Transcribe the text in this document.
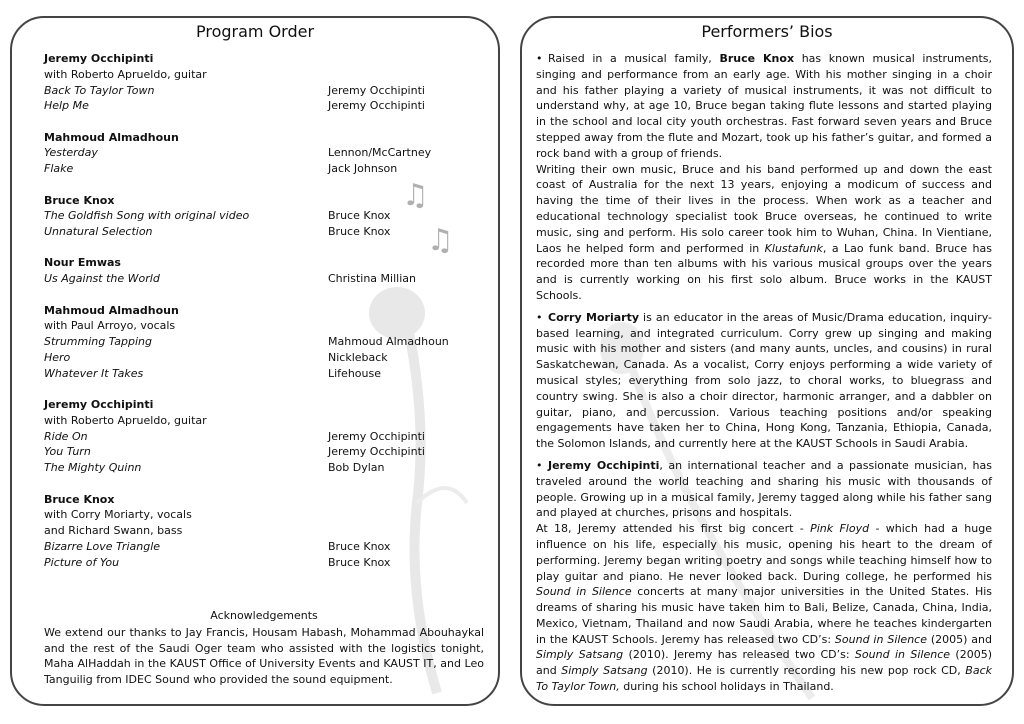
♫
♫
Program Order
Jeremy Occhipinti
with Roberto Aprueldo, guitar
Back To Taylor Town	Jeremy Occhipinti
Help Me	Jeremy Occhipinti
Mahmoud Almadhoun
Yesterday	Lennon/McCartney
Flake	Jack Johnson
Bruce Knox
The Goldfish Song with original video	Bruce Knox
Unnatural Selection	Bruce Knox
Nour Emwas
Us Against the World	Christina Millian
Mahmoud Almadhoun
with Paul Arroyo, vocals
Strumming Tapping	Mahmoud Almadhoun
Hero	Nickleback
Whatever It Takes	Lifehouse
Jeremy Occhipinti
with Roberto Aprueldo, guitar
Ride On	Jeremy Occhipinti
You Turn	Jeremy Occhipinti
The Mighty Quinn	Bob Dylan
Bruce Knox
with Corry Moriarty, vocals
and Richard Swann, bass
Bizarre Love Triangle	Bruce Knox
Picture of You	Bruce Knox
Acknowledgements
We extend our thanks to Jay Francis, Housam Habash, Mohammad Abouhaykal and the rest of the Saudi Oger team who assisted with the logistics tonight, Maha AlHaddah in the KAUST Office of University Events and KAUST IT, and Leo Tanguilig from IDEC Sound who provided the sound equipment.
Performers’ Bios

• Raised in a musical family, Bruce Knox has known musical instruments, singing and performance from an early age. With his mother singing in a choir and his father playing a variety of musical instruments, it was not difficult to understand why, at age 10, Bruce began taking flute lessons and started playing in the school and local city youth orchestras. Fast forward seven years and Bruce stepped away from the flute and Mozart, took up his father’s guitar, and formed a rock band with a group of friends.

Writing their own music, Bruce and his band performed up and down the east coast of Australia for the next 13 years, enjoying a modicum of success and having the time of their lives in the process. When work as a teacher and educational technology specialist took Bruce overseas, he continued to write music, sing and perform. His solo career took him to Wuhan, China. In Vientiane, Laos he helped form and performed in Klustafunk, a Lao funk band. Bruce has recorded more than ten albums with his various musical groups over the years and is currently working on his first solo album. Bruce works in the KAUST Schools.

• Corry Moriarty is an educator in the areas of Music/Drama education, inquiry-based learning, and integrated curriculum. Corry grew up singing and making music with his mother and sisters (and many aunts, uncles, and cousins) in rural Saskatchewan, Canada. As a vocalist, Corry enjoys performing a wide variety of musical styles; everything from solo jazz, to choral works, to bluegrass and country swing. She is also a choir director, harmonic arranger, and a dabbler on guitar, piano, and percussion. Various teaching positions and/or speaking engagements have taken her to China, Hong Kong, Tanzania, Ethiopia, Canada, the Solomon Islands, and currently here at the KAUST Schools in Saudi Arabia.

• Jeremy Occhipinti, an international teacher and a passionate musician, has traveled around the world teaching and sharing his music with thousands of people. Growing up in a musical family, Jeremy tagged along while his father sang and played at churches, prisons and hospitals.

At 18, Jeremy attended his first big concert - Pink Floyd - which had a huge influence on his life, especially his music, opening his heart to the dream of performing. Jeremy began writing poetry and songs while teaching himself how to play guitar and piano. He never looked back. During college, he performed his Sound in Silence concerts at many major universities in the United States. His dreams of sharing his music have taken him to Bali, Belize, Canada, China, India, Mexico, Vietnam, Thailand and now Saudi Arabia, where he teaches kindergarten in the KAUST Schools. Jeremy has released two CD’s: Sound in Silence (2005) and Simply Satsang (2010). Jeremy has released two CD’s: Sound in Silence (2005) and Simply Satsang (2010). He is currently recording his new pop rock CD, Back To Taylor Town, during his school holidays in Thailand.
